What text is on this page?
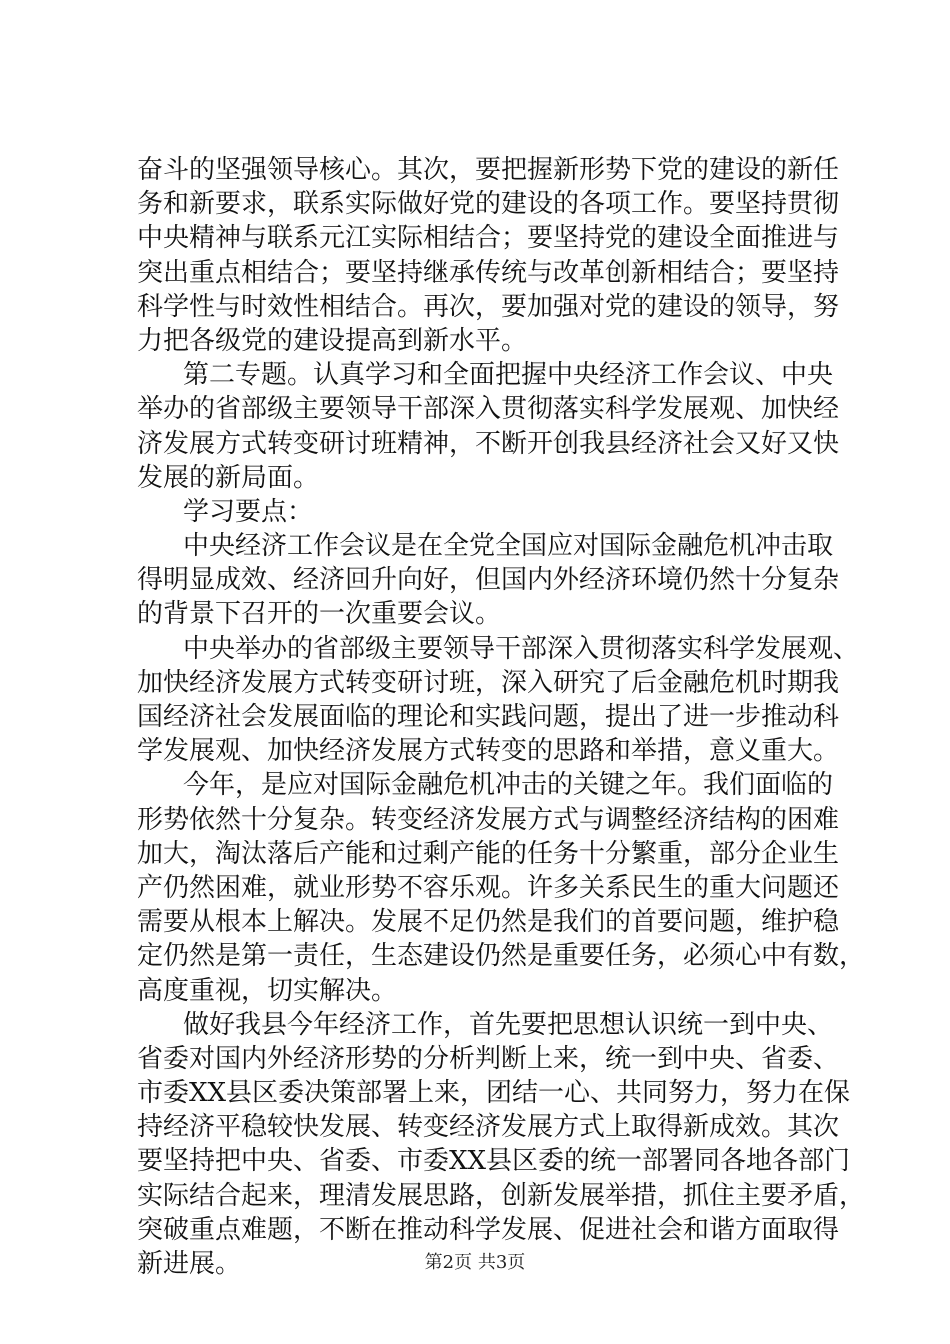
奋斗的坚强领导核心。其次，要把握新形势下党的建设的新任
务和新要求，联系实际做好党的建设的各项工作。要坚持贯彻
中央精神与联系元江实际相结合；要坚持党的建设全面推进与
突出重点相结合；要坚持继承传统与改革创新相结合；要坚持
科学性与时效性相结合。再次，要加强对党的建设的领导，努
力把各级党的建设提高到新水平。
第二专题。认真学习和全面把握中央经济工作会议、中央
举办的省部级主要领导干部深入贯彻落实科学发展观、加快经
济发展方式转变研讨班精神，不断开创我县经济社会又好又快
发展的新局面。
学习要点：
中央经济工作会议是在全党全国应对国际金融危机冲击取
得明显成效、经济回升向好，但国内外经济环境仍然十分复杂
的背景下召开的一次重要会议。
中央举办的省部级主要领导干部深入贯彻落实科学发展观、
加快经济发展方式转变研讨班，深入研究了后金融危机时期我
国经济社会发展面临的理论和实践问题，提出了进一步推动科
学发展观、加快经济发展方式转变的思路和举措，意义重大。
今年，是应对国际金融危机冲击的关键之年。我们面临的
形势依然十分复杂。转变经济发展方式与调整经济结构的困难
加大，淘汰落后产能和过剩产能的任务十分繁重，部分企业生
产仍然困难，就业形势不容乐观。许多关系民生的重大问题还
需要从根本上解决。发展不足仍然是我们的首要问题，维护稳
定仍然是第一责任，生态建设仍然是重要任务，必须心中有数，
高度重视，切实解决。
做好我县今年经济工作，首先要把思想认识统一到中央、
省委对国内外经济形势的分析判断上来，统一到中央、省委、
市委XX县区委决策部署上来，团结一心、共同努力，努力在保
持经济平稳较快发展、转变经济发展方式上取得新成效。其次
要坚持把中央、省委、市委XX县区委的统一部署同各地各部门
实际结合起来，理清发展思路，创新发展举措，抓住主要矛盾，
突破重点难题，不断在推动科学发展、促进社会和谐方面取得
新进展。	第2页 共3页
